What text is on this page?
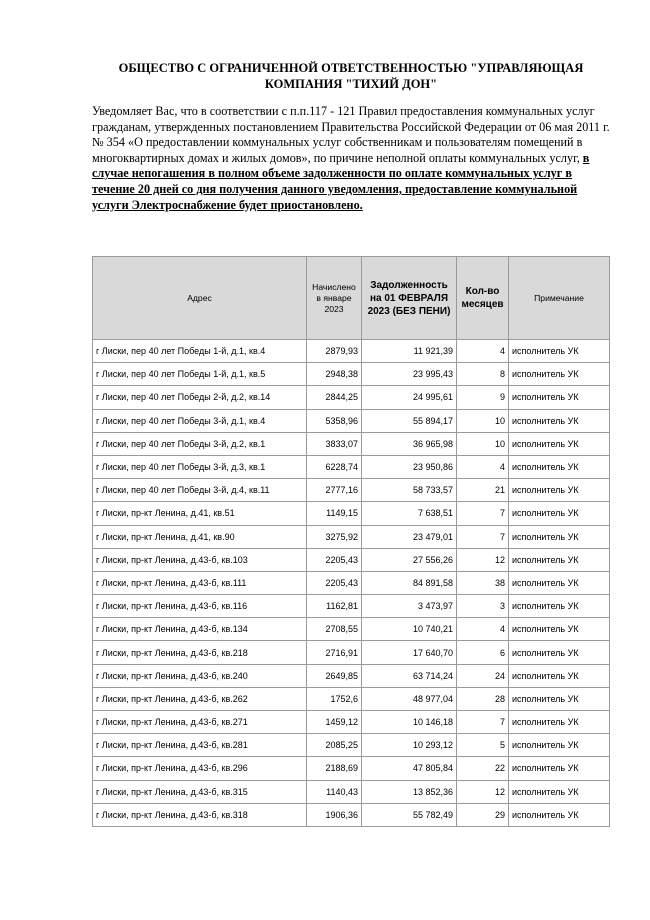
ОБЩЕСТВО С ОГРАНИЧЕННОЙ ОТВЕТСТВЕННОСТЬЮ "УПРАВЛЯЮЩАЯ КОМПАНИЯ "ТИХИЙ ДОН"
Уведомляет Вас, что в соответствии с п.п.117 - 121 Правил предоставления коммунальных услуг гражданам, утвержденных постановлением Правительства Российской Федерации от 06 мая 2011 г. № 354 «О предоставлении коммунальных услуг собственникам и пользователям помещений в многоквартирных домах и жилых домов», по причине неполной оплаты коммунальных услуг, в случае непогашения в полном объеме задолженности по оплате коммунальных услуг в течение 20 дней со дня получения данного уведомления, предоставление коммунальной услуги Электроснабжение будет приостановлено.
Адрес	Начислено в январе 2023	Задолженность на 01 ФЕВРАЛЯ 2023 (БЕЗ ПЕНИ)	Кол-во месяцев	Примечание
г Лиски, пер 40 лет Победы 1-й, д.1, кв.4	2879,93	11 921,39	4	исполнитель УК
г Лиски, пер 40 лет Победы 1-й, д.1, кв.5	2948,38	23 995,43	8	исполнитель УК
г Лиски, пер 40 лет Победы 2-й, д.2, кв.14	2844,25	24 995,61	9	исполнитель УК
г Лиски, пер 40 лет Победы 3-й, д.1, кв.4	5358,96	55 894,17	10	исполнитель УК
г Лиски, пер 40 лет Победы 3-й, д.2, кв.1	3833,07	36 965,98	10	исполнитель УК
г Лиски, пер 40 лет Победы 3-й, д.3, кв.1	6228,74	23 950,86	4	исполнитель УК
г Лиски, пер 40 лет Победы 3-й, д.4, кв.11	2777,16	58 733,57	21	исполнитель УК
г Лиски, пр-кт Ленина, д.41, кв.51	1149,15	7 638,51	7	исполнитель УК
г Лиски, пр-кт Ленина, д.41, кв.90	3275,92	23 479,01	7	исполнитель УК
г Лиски, пр-кт Ленина, д.43-б, кв.103	2205,43	27 556,26	12	исполнитель УК
г Лиски, пр-кт Ленина, д.43-б, кв.111	2205,43	84 891,58	38	исполнитель УК
г Лиски, пр-кт Ленина, д.43-б, кв.116	1162,81	3 473,97	3	исполнитель УК
г Лиски, пр-кт Ленина, д.43-б, кв.134	2708,55	10 740,21	4	исполнитель УК
г Лиски, пр-кт Ленина, д.43-б, кв.218	2716,91	17 640,70	6	исполнитель УК
г Лиски, пр-кт Ленина, д.43-б, кв.240	2649,85	63 714,24	24	исполнитель УК
г Лиски, пр-кт Ленина, д.43-б, кв.262	1752,6	48 977,04	28	исполнитель УК
г Лиски, пр-кт Ленина, д.43-б, кв.271	1459,12	10 146,18	7	исполнитель УК
г Лиски, пр-кт Ленина, д.43-б, кв.281	2085,25	10 293,12	5	исполнитель УК
г Лиски, пр-кт Ленина, д.43-б, кв.296	2188,69	47 805,84	22	исполнитель УК
г Лиски, пр-кт Ленина, д.43-б, кв.315	1140,43	13 852,36	12	исполнитель УК
г Лиски, пр-кт Ленина, д.43-б, кв.318	1906,36	55 782,49	29	исполнитель УК
